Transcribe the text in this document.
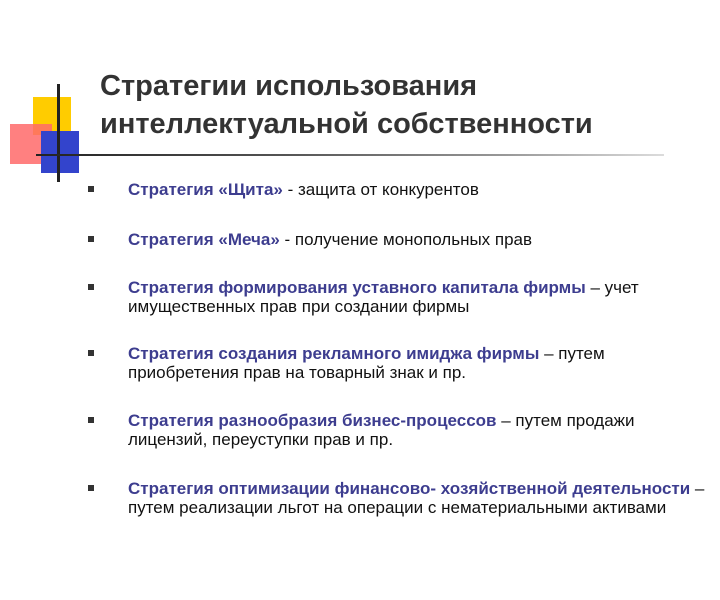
Стратегии использования
интеллектуальной собственности
Стратегия «Щита» - защита от конкурентов
Стратегия «Меча» - получение монопольных прав
Стратегия формирования уставного капитала фирмы – учет имущественных прав при создании фирмы
Стратегия создания рекламного имиджа фирмы – путем приобретения прав на товарный знак и пр.
Стратегия разнообразия бизнес-процессов – путем продажи лицензий, переуступки прав и пр.
Стратегия оптимизации финансово- хозяйственной деятельности – путем реализации льгот на операции с нематериальными активами
